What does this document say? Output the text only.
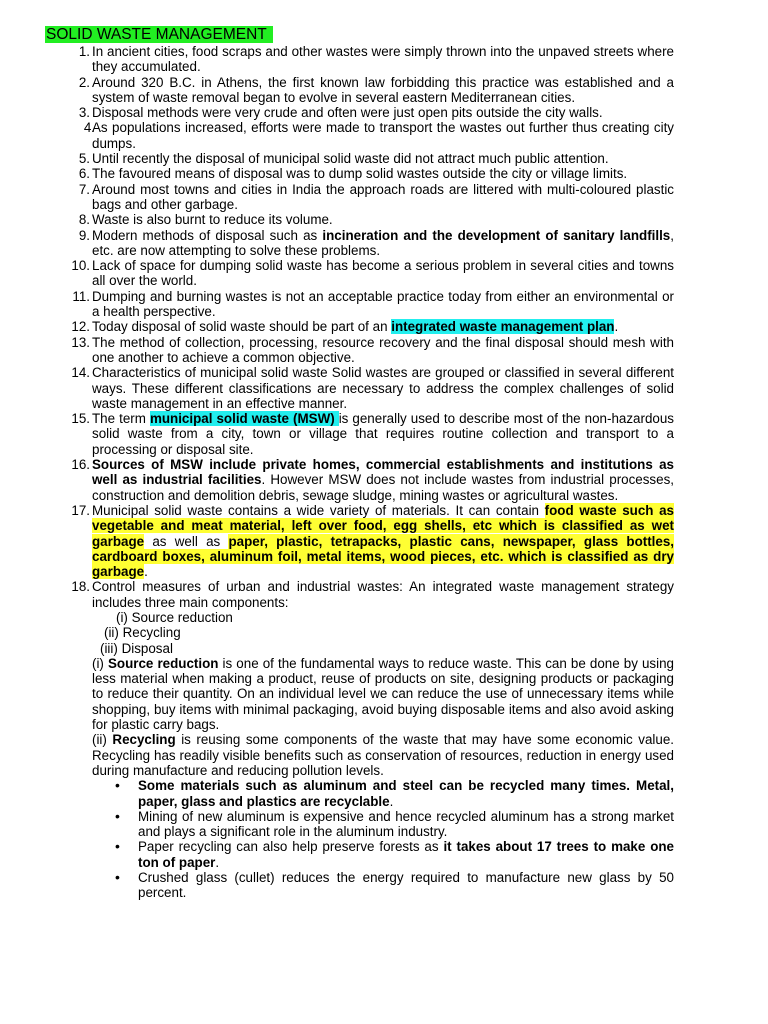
SOLID WASTE MANAGEMENT
1. In ancient cities, food scraps and other wastes were simply thrown into the unpaved streets where they accumulated.
2. Around 320 B.C. in Athens, the first known law forbidding this practice was established and a system of waste removal began to evolve in several eastern Mediterranean cities.
3. Disposal methods were very crude and often were just open pits outside the city walls.
4.
As populations increased, efforts were made to transport the wastes out further thus creating city dumps.
5. Until recently the disposal of municipal solid waste did not attract much public attention.
6. The favoured means of disposal was to dump solid wastes outside the city or village limits.
7. Around most towns and cities in India the approach roads are littered with multi-coloured plastic bags and other garbage.
8. Waste is also burnt to reduce its volume.
9. Modern methods of disposal such as incineration and the development of sanitary landfills, etc. are now attempting to solve these problems.
10. Lack of space for dumping solid waste has become a serious problem in several cities and towns all over the world.
11. Dumping and burning wastes is not an acceptable practice today from either an environmental or a health perspective.
12. Today disposal of solid waste should be part of an integrated waste management plan.
13. The method of collection, processing, resource recovery and the final disposal should mesh with one another to achieve a common objective.
14. Characteristics of municipal solid waste Solid wastes are grouped or classified in several different ways. These different classifications are necessary to address the complex challenges of solid waste management in an effective manner.
15. The term municipal solid waste (MSW) is generally used to describe most of the non-hazardous solid waste from a city, town or village that requires routine collection and transport to a processing or disposal site.
16. Sources of MSW include private homes, commercial establishments and institutions as well as industrial facilities. However MSW does not include wastes from industrial processes, construction and demolition debris, sewage sludge, mining wastes or agricultural wastes.
17. Municipal solid waste contains a wide variety of materials. It can contain food waste such as vegetable and meat material, left over food, egg shells, etc which is classified as wet garbage as well as paper, plastic, tetrapacks, plastic cans, newspaper, glass bottles, cardboard boxes, aluminum foil, metal items, wood pieces, etc. which is classified as dry garbage.
18. Control measures of urban and industrial wastes: An integrated waste management strategy includes three main components:
(i) Source reduction
(ii) Recycling
(iii) Disposal
(i) Source reduction is one of the fundamental ways to reduce waste. This can be done by using less material when making a product, reuse of products on site, designing products or packaging to reduce their quantity. On an individual level we can reduce the use of unnecessary items while shopping, buy items with minimal packaging, avoid buying disposable items and also avoid asking for plastic carry bags.
(ii) Recycling is reusing some components of the waste that may have some economic value. Recycling has readily visible benefits such as conservation of resources, reduction in energy used during manufacture and reducing pollution levels.
• Some materials such as aluminum and steel can be recycled many times. Metal, paper, glass and plastics are recyclable.
• Mining of new aluminum is expensive and hence recycled aluminum has a strong market and plays a significant role in the aluminum industry.
• Paper recycling can also help preserve forests as it takes about 17 trees to make one ton of paper.
• Crushed glass (cullet) reduces the energy required to manufacture new glass by 50 percent.
